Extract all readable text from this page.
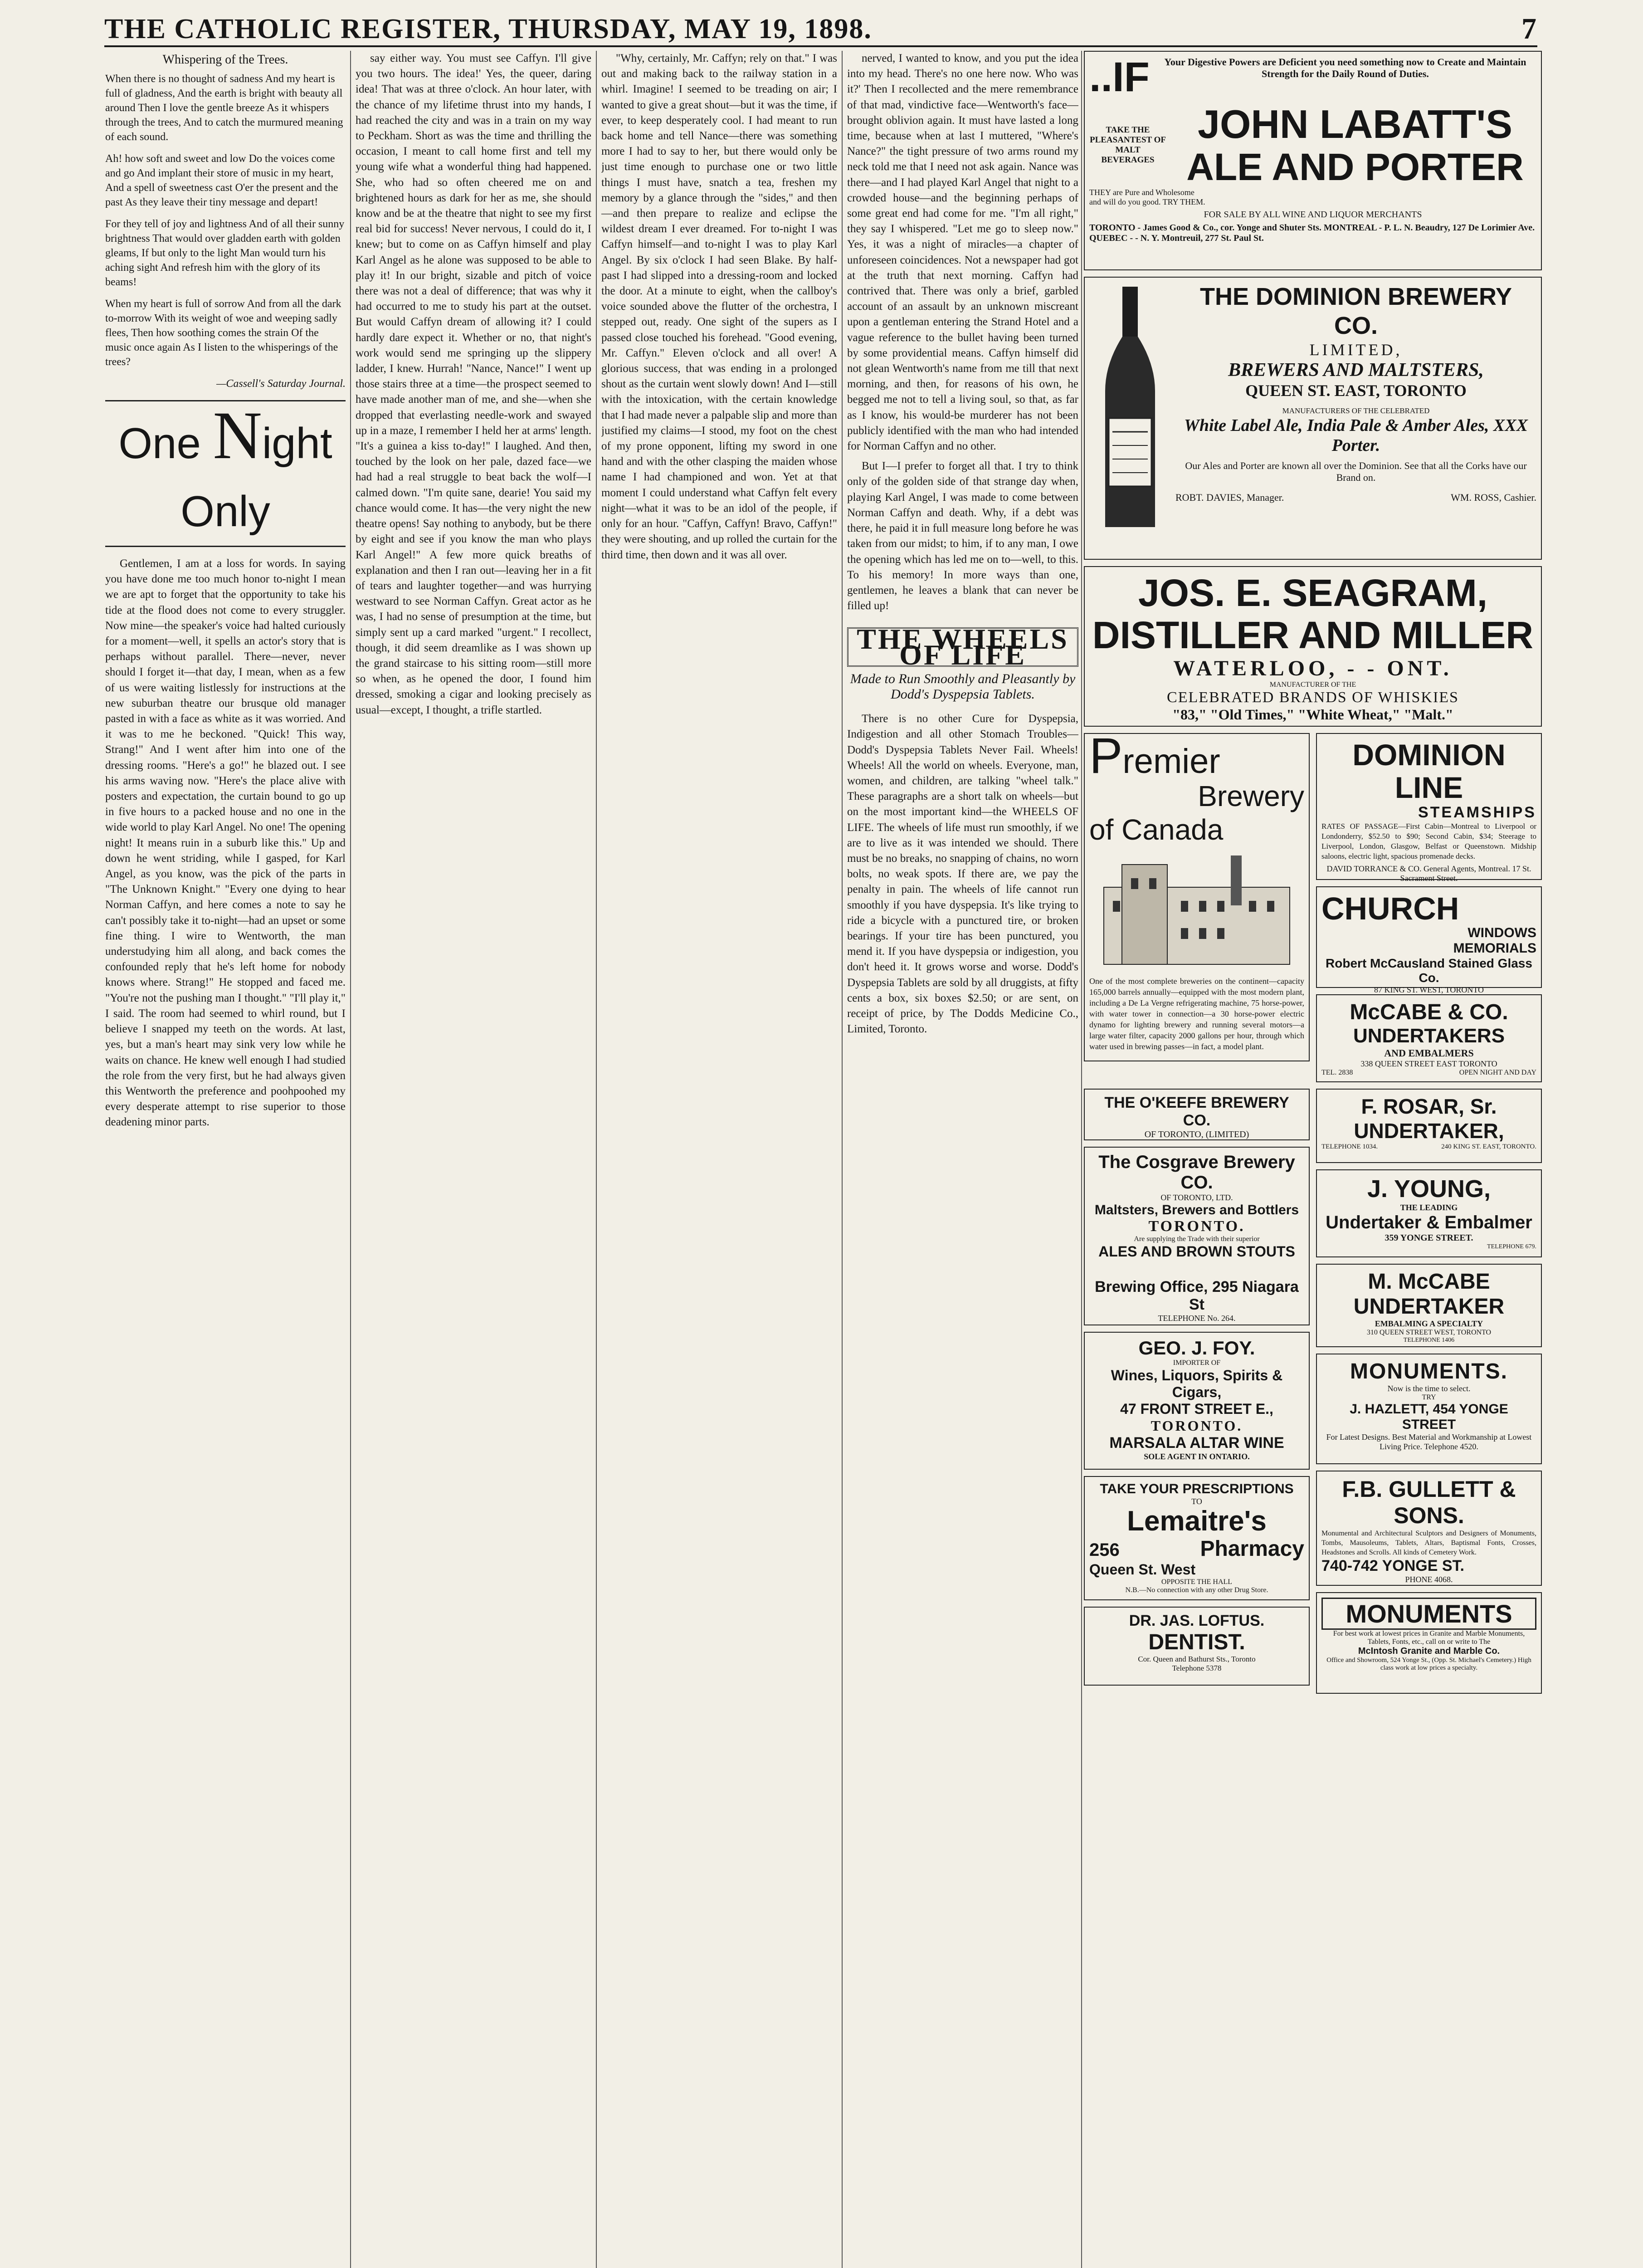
THE CATHOLIC REGISTER, THURSDAY, MAY 19, 1898.	7
Whispering of the Trees.
When there is no thought of sadness And my heart is full of gladness, And the earth is bright with beauty all around Then I love the gentle breeze As it whispers through the trees, And to catch the murmured meaning of each sound.
Ah! how soft and sweet and low Do the voices come and go And implant their store of music in my heart, And a spell of sweetness cast O'er the present and the past As they leave their tiny message and depart!
For they tell of joy and lightness And of all their sunny brightness That would over gladden earth with golden gleams, If but only to the light Man would turn his aching sight And refresh him with the glory of its beams!
When my heart is full of sorrow And from all the dark to-morrow With its weight of woe and weeping sadly flees, Then how soothing comes the strain Of the music once again As I listen to the whisperings of the trees?
—Cassell's Saturday Journal.
One Night Only

Gentlemen, I am at a loss for words. In saying you have done me too much honor to-night I mean we are apt to forget that the opportunity to take his tide at the flood does not come to every struggler. Now mine—the speaker's voice had halted curiously for a moment—well, it spells an actor's story that is perhaps without parallel. There—never, never should I forget it—that day, I mean, when as a few of us were waiting listlessly for instructions at the new suburban theatre our brusque old manager pasted in with a face as white as it was worried. And it was to me he beckoned. "Quick! This way, Strang!" And I went after him into one of the dressing rooms. "Here's a go!" he blazed out. I see his arms waving now. "Here's the place alive with posters and expectation, the curtain bound to go up in five hours to a packed house and no one in the wide world to play Karl Angel. No one! The opening night! It means ruin in a suburb like this." Up and down he went striding, while I gasped, for Karl Angel, as you know, was the pick of the parts in "The Unknown Knight." "Every one dying to hear Norman Caffyn, and here comes a note to say he can't possibly take it to-night—had an upset or some fine thing. I wire to Wentworth, the man understudying him all along, and back comes the confounded reply that he's left home for nobody knows where. Strang!" He stopped and faced me. "You're not the pushing man I thought." "I'll play it," I said. The room had seemed to whirl round, but I believe I snapped my teeth on the words. At last, yes, but a man's heart may sink very low while he waits on chance. He knew well enough I had studied the role from the very first, but he had always given this Wentworth the preference and poohpoohed my every desperate attempt to rise superior to those deadening minor parts.

say either way. You must see Caffyn. I'll give you two hours. The idea!' Yes, the queer, daring idea! That was at three o'clock. An hour later, with the chance of my lifetime thrust into my hands, I had reached the city and was in a train on my way to Peckham. Short as was the time and thrilling the occasion, I meant to call home first and tell my young wife what a wonderful thing had happened. She, who had so often cheered me on and brightened hours as dark for her as me, she should know and be at the theatre that night to see my first real bid for success! Never nervous, I could do it, I knew; but to come on as Caffyn himself and play Karl Angel as he alone was supposed to be able to play it! In our bright, sizable and pitch of voice there was not a deal of difference; that was why it had occurred to me to study his part at the outset. But would Caffyn dream of allowing it? I could hardly dare expect it. Whether or no, that night's work would send me springing up the slippery ladder, I knew. Hurrah! "Nance, Nance!" I went up those stairs three at a time—the prospect seemed to have made another man of me, and she—when she dropped that everlasting needle-work and swayed up in a maze, I remember I held her at arms' length. "It's a guinea a kiss to-day!" I laughed. And then, touched by the look on her pale, dazed face—we had had a real struggle to beat back the wolf—I calmed down. "I'm quite sane, dearie! You said my chance would come. It has—the very night the new theatre opens! Say nothing to anybody, but be there by eight and see if you know the man who plays Karl Angel!" A few more quick breaths of explanation and then I ran out—leaving her in a fit of tears and laughter together—and was hurrying westward to see Norman Caffyn. Great actor as he was, I had no sense of presumption at the time, but simply sent up a card marked "urgent." I recollect, though, it did seem dreamlike as I was shown up the grand staircase to his sitting room—still more so when, as he opened the door, I found him dressed, smoking a cigar and looking precisely as usual—except, I thought, a trifle startled.

"Why, certainly, Mr. Caffyn; rely on that." I was out and making back to the railway station in a whirl. Imagine! I seemed to be treading on air; I wanted to give a great shout—but it was the time, if ever, to keep desperately cool. I had meant to run back home and tell Nance—there was something more I had to say to her, but there would only be just time enough to purchase one or two little things I must have, snatch a tea, freshen my memory by a glance through the "sides," and then—and then prepare to realize and eclipse the wildest dream I ever dreamed. For to-night I was Caffyn himself—and to-night I was to play Karl Angel. By six o'clock I had seen Blake. By half-past I had slipped into a dressing-room and locked the door. At a minute to eight, when the callboy's voice sounded above the flutter of the orchestra, I stepped out, ready. One sight of the supers as I passed close touched his forehead. "Good evening, Mr. Caffyn." Eleven o'clock and all over! A glorious success, that was ending in a prolonged shout as the curtain went slowly down! And I—still with the intoxication, with the certain knowledge that I had made never a palpable slip and more than justified my claims—I stood, my foot on the chest of my prone opponent, lifting my sword in one hand and with the other clasping the maiden whose name I had championed and won. Yet at that moment I could understand what Caffyn felt every night—what it was to be an idol of the people, if only for an hour. "Caffyn, Caffyn! Bravo, Caffyn!" they were shouting, and up rolled the curtain for the third time, then down and it was all over.

nerved, I wanted to know, and you put the idea into my head. There's no one here now. Who was it?' Then I recollected and the mere remembrance of that mad, vindictive face—Wentworth's face—brought oblivion again. It must have lasted a long time, because when at last I muttered, "Where's Nance?" the tight pressure of two arms round my neck told me that I need not ask again. Nance was there—and I had played Karl Angel that night to a crowded house—and the beginning perhaps of some great end had come for me. "I'm all right," they say I whispered. "Let me go to sleep now." Yes, it was a night of miracles—a chapter of unforeseen coincidences. Not a newspaper had got at the truth that next morning. Caffyn had contrived that. There was only a brief, garbled account of an assault by an unknown miscreant upon a gentleman entering the Strand Hotel and a vague reference to the bullet having been turned by some providential means. Caffyn himself did not glean Wentworth's name from me till that next morning, and then, for reasons of his own, he begged me not to tell a living soul, so that, as far as I know, his would-be murderer has not been publicly identified with the man who had intended for Norman Caffyn and no other.

But I—I prefer to forget all that. I try to think only of the golden side of that strange day when, playing Karl Angel, I was made to come between Norman Caffyn and death. Why, if a debt was there, he paid it in full measure long before he was taken from our midst; to him, if to any man, I owe the opening which has led me on to—well, to this. To his memory! In more ways than one, gentlemen, he leaves a blank that can never be filled up!

THE WHEELS OF LIFE
Made to Run Smoothly and Pleasantly by Dodd's Dyspepsia Tablets.

There is no other Cure for Dyspepsia, Indigestion and all other Stomach Troubles—Dodd's Dyspepsia Tablets Never Fail. Wheels! Wheels! All the world on wheels. Everyone, man, women, and children, are talking "wheel talk." These paragraphs are a short talk on wheels—but on the most important kind—the WHEELS OF LIFE. The wheels of life must run smoothly, if we are to live as it was intended we should. There must be no breaks, no snapping of chains, no worn bolts, no weak spots. If there are, we pay the penalty in pain. The wheels of life cannot run smoothly if you have dyspepsia. It's like trying to ride a bicycle with a punctured tire, or broken bearings. If your tire has been punctured, you mend it. If you have dyspepsia or indigestion, you don't heed it. It grows worse and worse. Dodd's Dyspepsia Tablets are sold by all druggists, at fifty cents a box, six boxes $2.50; or are sent, on receipt of price, by The Dodds Medicine Co., Limited, Toronto.

..IF	Your Digestive Powers are Deficient you need something now to Create and Maintain Strength for the Daily Round of Duties.
TAKE THE PLEASANTEST OF MALT BEVERAGES
JOHN LABATT'S
ALE AND PORTER
THEY are Pure and Wholesome and will do you good. TRY THEM.
FOR SALE BY ALL WINE AND LIQUOR MERCHANTS
TORONTO - James Good & Co., cor. Yonge and Shuter Sts. MONTREAL - P. L. N. Beaudry, 127 De Lorimier Ave. QUEBEC - - N. Y. Montreuil, 277 St. Paul St.
THE DOMINION BREWERY CO.
LIMITED,
BREWERS AND MALTSTERS,
QUEEN ST. EAST, TORONTO
MANUFACTURERS OF THE CELEBRATED
White Label Ale, India Pale & Amber Ales, XXX Porter.
Our Ales and Porter are known all over the Dominion. See that all the Corks have our Brand on.
ROBT. DAVIES, Manager.	WM. ROSS, Cashier.
JOS. E. SEAGRAM,
DISTILLER AND MILLER
WATERLOO, - - ONT.
MANUFACTURER OF THE
CELEBRATED BRANDS OF WHISKIES
"83," "Old Times," "White Wheat," "Malt."
Premier
Brewery
of Canada
One of the most complete breweries on the continent—capacity 165,000 barrels annually—equipped with the most modern plant, including a De La Vergne refrigerating machine, 75 horse-power, with water tower in connection—a 30 horse-power electric dynamo for lighting brewery and running several motors—a large water filter, capacity 2000 gallons per hour, through which water used in brewing passes—in fact, a model plant.
DOMINION LINE
STEAMSHIPS
RATES OF PASSAGE—First Cabin—Montreal to Liverpool or Londonderry, $52.50 to $90; Second Cabin, $34; Steerage to Liverpool, London, Glasgow, Belfast or Queenstown. Midship saloons, electric light, spacious promenade decks.
DAVID TORRANCE & CO. General Agents, Montreal. 17 St. Sacrament Street.
CHURCH
WINDOWS
MEMORIALS
Robert McCausland Stained Glass Co.
87 KING ST. WEST, TORONTO
McCABE & CO.
UNDERTAKERS
AND EMBALMERS
338 QUEEN STREET EAST TORONTO
TEL. 2838	OPEN NIGHT AND DAY
THE O'KEEFE BREWERY CO.
OF TORONTO, (LIMITED)
The Cosgrave Brewery CO.
OF TORONTO, LTD.
Maltsters, Brewers and Bottlers
TORONTO.
Are supplying the Trade with their superior
ALES AND BROWN STOUTS
Brewing Office, 295 Niagara St
TELEPHONE No. 264.
GEO. J. FOY.
IMPORTER OF
Wines, Liquors, Spirits & Cigars,
47 FRONT STREET E.,
TORONTO.
MARSALA ALTAR WINE
SOLE AGENT IN ONTARIO.
TAKE YOUR PRESCRIPTIONS
TO
Lemaitre's
256	Pharmacy
Queen St. West
OPPOSITE THE HALL
N.B.—No connection with any other Drug Store.
DR. JAS. LOFTUS.
DENTIST.
Cor. Queen and Bathurst Sts., Toronto
Telephone 5378
F. ROSAR, Sr.
UNDERTAKER,
TELEPHONE 1034.	240 KING ST. EAST, TORONTO.
J. YOUNG,
THE LEADING
Undertaker & Embalmer
359 YONGE STREET.
TELEPHONE 679.
M. McCABE
UNDERTAKER
EMBALMING A SPECIALTY
310 QUEEN STREET WEST, TORONTO
TELEPHONE 1406
MONUMENTS.
Now is the time to select.
TRY
J. HAZLETT, 454 YONGE STREET
For Latest Designs. Best Material and Workmanship at Lowest Living Price. Telephone 4520.
F.B. GULLETT & SONS.
Monumental and Architectural Sculptors and Designers of Monuments, Tombs, Mausoleums, Tablets, Altars, Baptismal Fonts, Crosses, Headstones and Scrolls. All kinds of Cemetery Work.
740-742 YONGE ST.
PHONE 4068.
MONUMENTS
For best work at lowest prices in Granite and Marble Monuments, Tablets, Fonts, etc., call on or write to The
McIntosh Granite and Marble Co.
Office and Showroom, 524 Yonge St., (Opp. St. Michael's Cemetery.) High class work at low prices a specialty.
